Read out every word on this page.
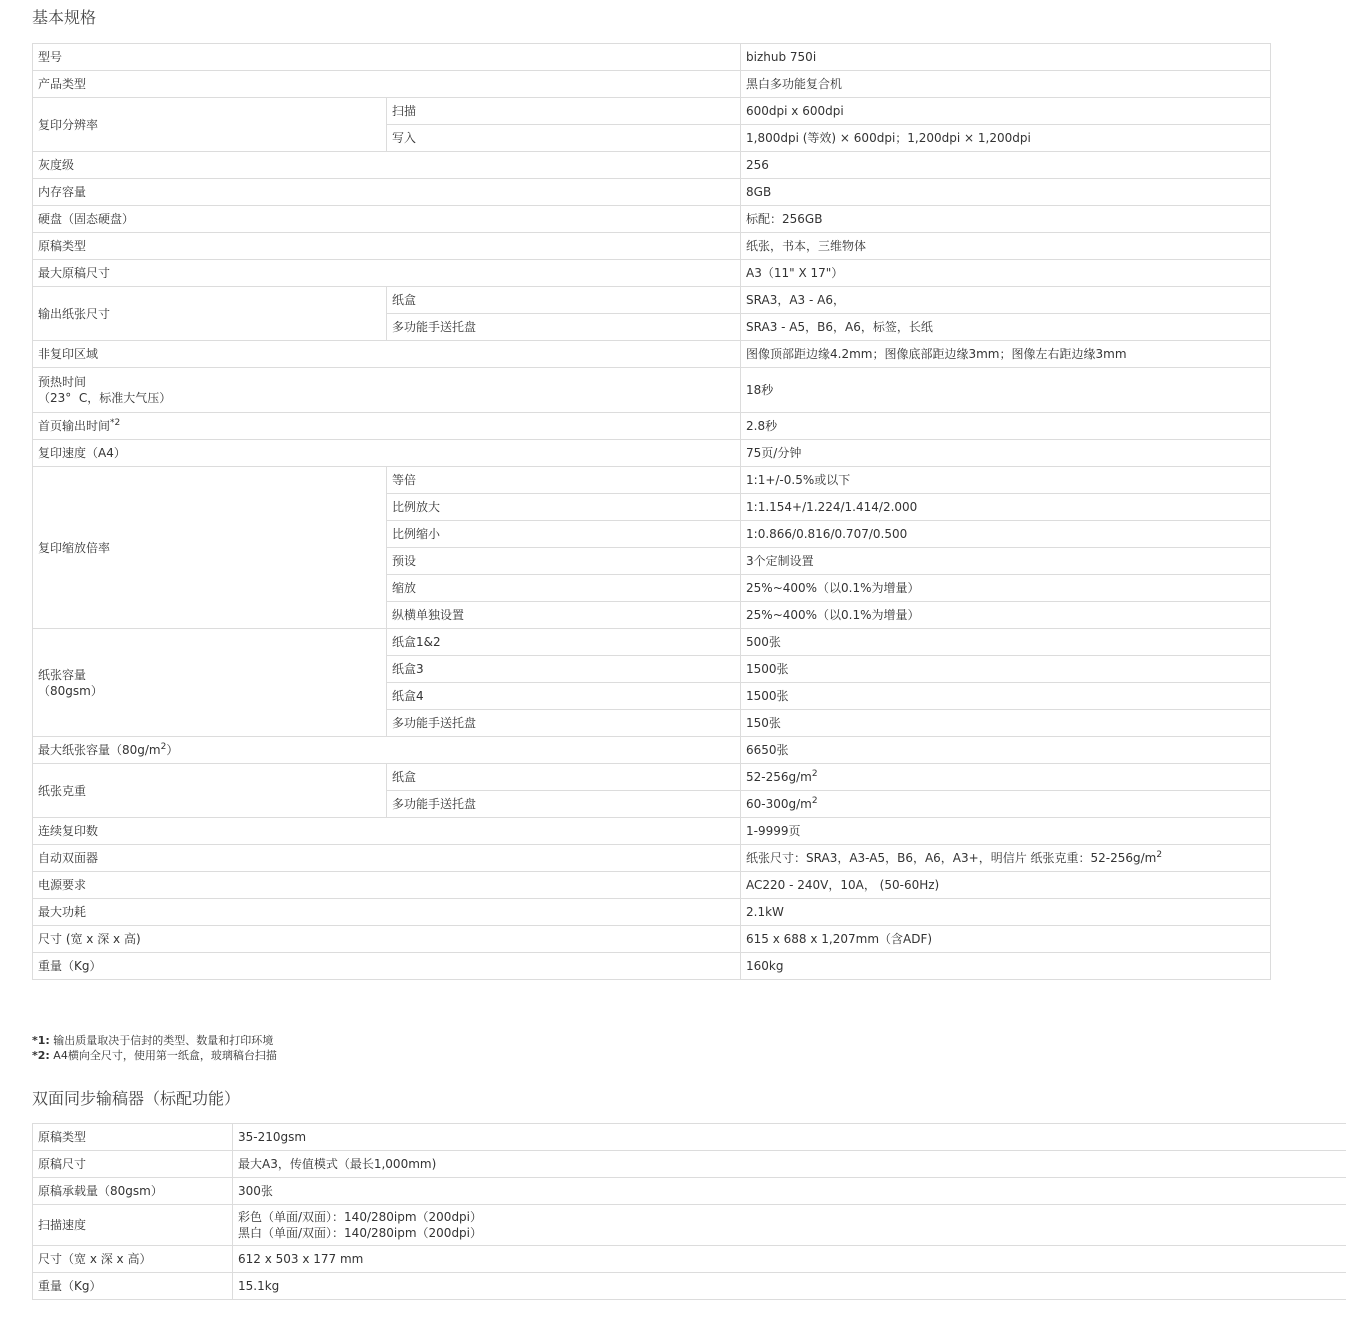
基本规格
型号		bizhub 750i	
产品类型		黑白多功能复合机	
复印分辨率	扫描	600dpi x 600dpi	
	写入	1,800dpi (等效) × 600dpi；1,200dpi × 1,200dpi	
灰度级		256	
内存容量		8GB	
硬盘（固态硬盘）		标配：256GB	
原稿类型		纸张，书本，三维物体	
最大原稿尺寸		A3（11" X 17"）	
输出纸张尺寸	纸盒	SRA3，A3 - A6，	
	多功能手送托盘	SRA3 - A5，B6，A6，标签，长纸	
非复印区域		图像顶部距边缘4.2mm；图像底部距边缘3mm；图像左右距边缘3mm	
预热时间
（23°  C，标准大气压）		18秒	
首页输出时间$^{*2}$		2.8秒	
复印速度（A4）		75页/分钟	
复印缩放倍率	等倍	1:1+/-0.5%或以下	
	比例放大	1:1.154+/1.224/1.414/2.000	
	比例缩小	1:0.866/0.816/0.707/0.500	
	预设	3个定制设置	
	缩放	25%~400%（以0.1%为增量）	
	纵横单独设置	25%~400%（以0.1%为增量）	
纸张容量
（80gsm）	纸盒1&2	500张	
	纸盒3	1500张	
	纸盒4	1500张	
	多功能手送托盘	150张	
最大纸张容量$(80g/m^2)$		6650张	
纸张克重	纸盒	$52-256g/m^2$
	多功能手送托盘	$60-300g/m^2$
连续复印数		1-9999页	
自动双面器		纸张尺寸：SRA3，A3-A5，B6，A6，A3+，明信片 纸张克重：$52-256g/m^2$
电源要求		AC220 - 240V，10A， (50-60Hz)	
最大功耗		2.1kW	
尺寸 (宽 x 深 x 高)		615 x 688 x 1,207mm（含ADF)	
重量（Kg）		160kg	
*1: 输出质量取决于信封的类型、数量和打印环境
*2: A4横向全尺寸，使用第一纸盒，玻璃稿台扫描
双面同步输稿器（标配功能）
原稿类型	35-210gsm
原稿尺寸	最大A3，传值模式（最长1,000mm)
原稿承载量（80gsm）	300张
扫描速度	彩色（单面/双面）：140/280ipm（200dpi）
黑白（单面/双面）：140/280ipm（200dpi）
尺寸（宽 x 深 x 高）	612 x 503 x 177 mm
重量（Kg）	15.1kg
